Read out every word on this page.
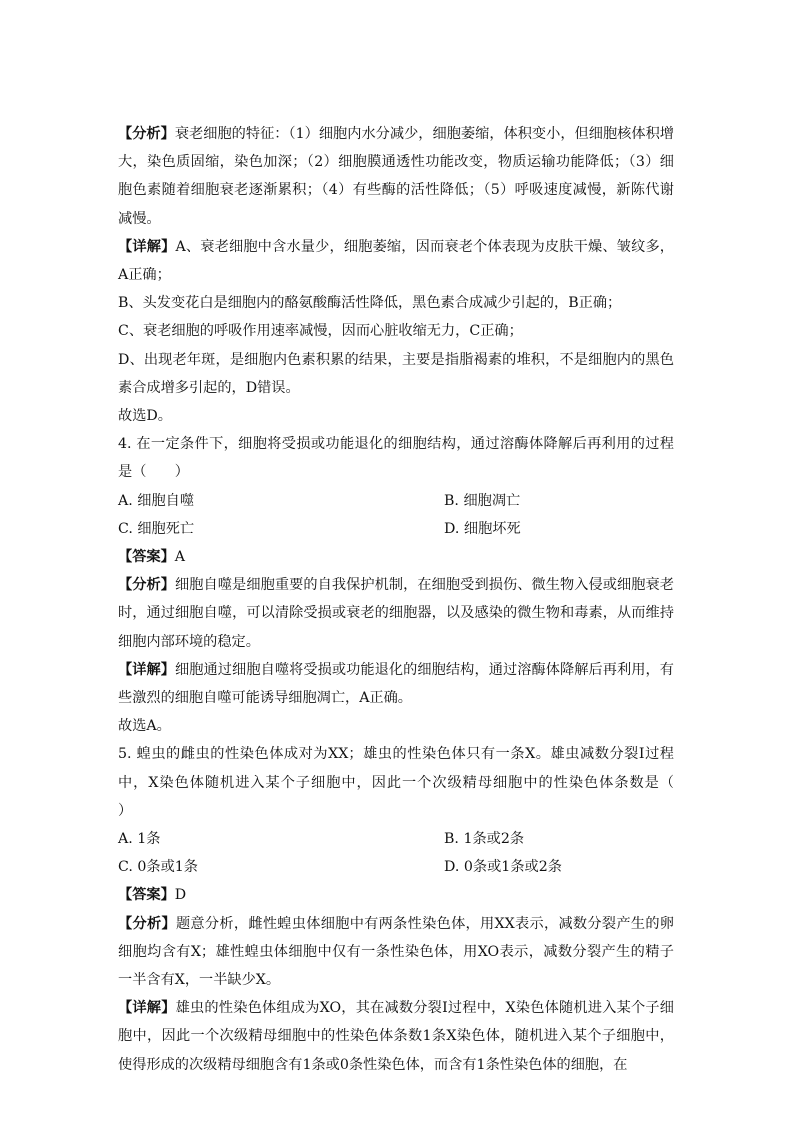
【分析】衰老细胞的特征：（1）细胞内水分减少，细胞萎缩，体积变小，但细胞核体积增大，染色质固缩，染色加深；（2）细胞膜通透性功能改变，物质运输功能降低；（3）细胞色素随着细胞衰老逐渐累积；（4）有些酶的活性降低；（5）呼吸速度减慢，新陈代谢减慢。

【详解】A、衰老细胞中含水量少，细胞萎缩，因而衰老个体表现为皮肤干燥、皱纹多，A正确；

B、头发变花白是细胞内的酪氨酸酶活性降低，黑色素合成减少引起的，B正确；

C、衰老细胞的呼吸作用速率减慢，因而心脏收缩无力，C正确；

D、出现老年斑，是细胞内色素积累的结果，主要是指脂褐素的堆积，不是细胞内的黑色素合成增多引起的，D错误。

故选D。

4. 在一定条件下，细胞将受损或功能退化的细胞结构，通过溶酶体降解后再利用的过程是（　　）

A. 细胞自噬	B. 细胞凋亡
C. 细胞死亡	D. 细胞坏死

【答案】A

【分析】细胞自噬是细胞重要的自我保护机制，在细胞受到损伤、微生物入侵或细胞衰老时，通过细胞自噬，可以清除受损或衰老的细胞器，以及感染的微生物和毒素，从而维持细胞内部环境的稳定。

【详解】细胞通过细胞自噬将受损或功能退化的细胞结构，通过溶酶体降解后再利用，有些激烈的细胞自噬可能诱导细胞凋亡，A正确。

故选A。

5. 蝗虫的雌虫的性染色体成对为XX；雄虫的性染色体只有一条X。雄虫减数分裂I过程中，X染色体随机进入某个子细胞中，因此一个次级精母细胞中的性染色体条数是（　　）

A. 1条	B. 1条或2条
C. 0条或1条	D. 0条或1条或2条

【答案】D

【分析】题意分析，雌性蝗虫体细胞中有两条性染色体，用XX表示，减数分裂产生的卵细胞均含有X；雄性蝗虫体细胞中仅有一条性染色体，用XO表示，减数分裂产生的精子一半含有X，一半缺少X。

【详解】雄虫的性染色体组成为XO，其在减数分裂I过程中，X染色体随机进入某个子细胞中，因此一个次级精母细胞中的性染色体条数1条X染色体，随机进入某个子细胞中，使得形成的次级精母细胞含有1条或0条性染色体，而含有1条性染色体的细胞，在
